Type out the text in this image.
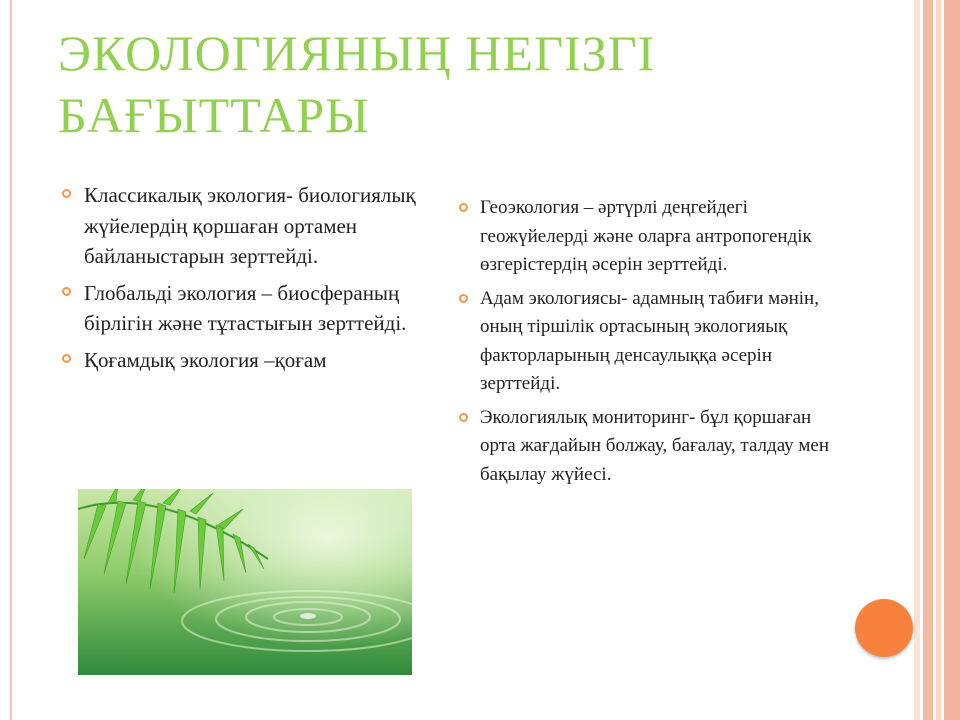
ЭКОЛОГИЯНЫҢ НЕГІЗГІ
БАҒЫТТАРЫ
Классикалық экология- биологиялық жүйелердің қоршаған ортамен байланыстарын зерттейді.
Глобальді экология – биосфераның бірлігін және тұтастығын зерттейді.
Қоғамдық экология –қоғам
Геоэкология – әртүрлі деңгейдегі геожүйелерді және оларға антропогендік өзгерістердің әсерін зерттейді.
Адам экологиясы- адамның табиғи мәнін, оның тіршілік ортасының экологияық факторларының денсаулыққа әсерін зерттейді.
Экологиялық мониторинг- бұл қоршаған орта жағдайын болжау, бағалау, талдау мен бақылау жүйесі.
